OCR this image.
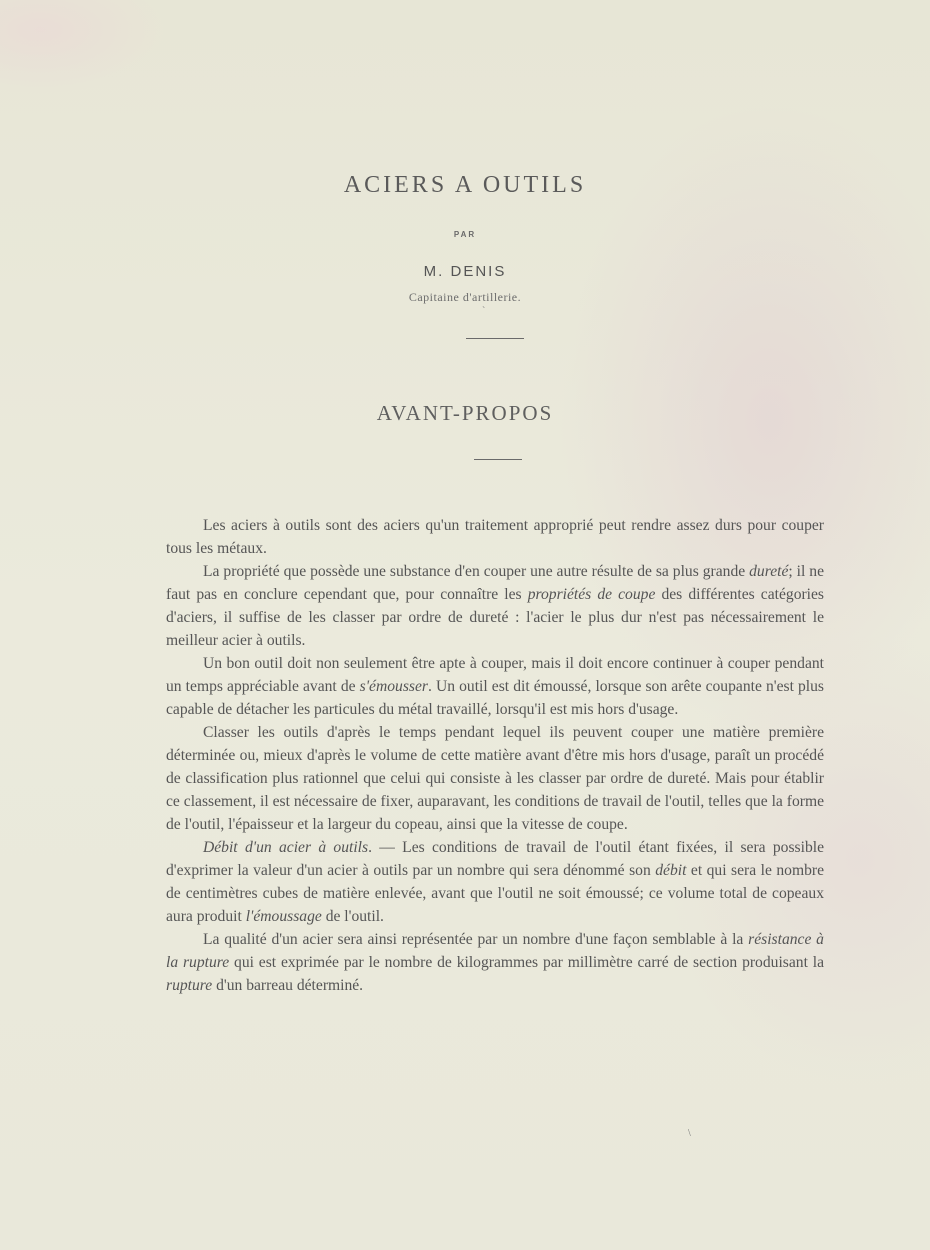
ACIERS A OUTILS
PAR
M. DENIS
Capitaine d'artillerie.
`
AVANT-PROPOS

Les aciers à outils sont des aciers qu'un traitement approprié peut rendre assez durs pour couper tous les métaux.

La propriété que possède une substance d'en couper une autre résulte de sa plus grande dureté; il ne faut pas en conclure cependant que, pour connaître les propriétés de coupe des différentes catégories d'aciers, il suffise de les classer par ordre de dureté : l'acier le plus dur n'est pas nécessairement le meilleur acier à outils.

Un bon outil doit non seulement être apte à couper, mais il doit encore continuer à couper pendant un temps appréciable avant de s'émousser. Un outil est dit émoussé, lorsque son arête coupante n'est plus capable de détacher les particules du métal travaillé, lorsqu'il est mis hors d'usage.

Classer les outils d'après le temps pendant lequel ils peuvent couper une matière première déterminée ou, mieux d'après le volume de cette matière avant d'être mis hors d'usage, paraît un procédé de classification plus rationnel que celui qui consiste à les classer par ordre de dureté. Mais pour établir ce classement, il est nécessaire de fixer, auparavant, les conditions de travail de l'outil, telles que la forme de l'outil, l'épaisseur et la largeur du copeau, ainsi que la vitesse de coupe.

Débit d'un acier à outils. — Les conditions de travail de l'outil étant fixées, il sera possible d'exprimer la valeur d'un acier à outils par un nombre qui sera dénommé son débit et qui sera le nombre de centimètres cubes de matière enlevée, avant que l'outil ne soit émoussé; ce volume total de copeaux aura produit l'émoussage de l'outil.

La qualité d'un acier sera ainsi représentée par un nombre d'une façon semblable à la résistance à la rupture qui est exprimée par le nombre de kilogrammes par millimètre carré de section produisant la rupture d'un barreau déterminé.

\
